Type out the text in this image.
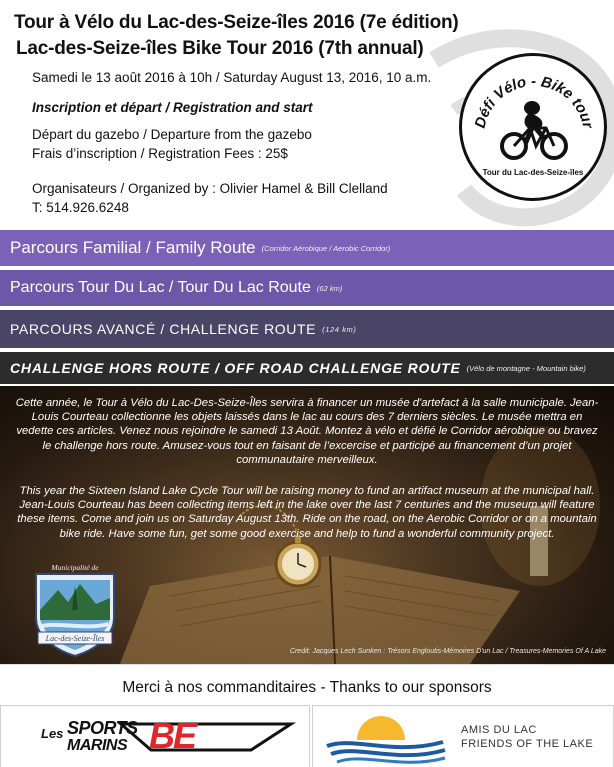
Tour à Vélo du Lac-des-Seize-îles 2016 (7e édition)
Lac-des-Seize-îles Bike Tour 2016 (7th annual)
Samedi le 13 août 2016 à 10h / Saturday August 13, 2016, 10 a.m.
Inscription et départ / Registration and start
Départ du gazebo / Departure from the gazebo
Frais d’inscription / Registration Fees : 25$
Organisateurs / Organized by : Olivier Hamel & Bill Clelland
T: 514.926.6248
Défi Vélo - Bike tour
Tour du Lac-des-Seize-îles
Parcours Familial / Family Route (Corridor Aérobique / Aerobic Corridor)
Parcours Tour Du Lac / Tour Du Lac Route (62 km)
PARCOURS AVANCÉ / CHALLENGE ROUTE (124 km)
CHALLENGE HORS ROUTE / OFF ROAD CHALLENGE ROUTE (Vélo de montagne - Mountain bike)
Cette année, le Tour à Vélo du Lac-Des-Seize-Îles servira à financer un musée d'artefact à la salle municipale. Jean-Louis Courteau collectionne les objets laissés dans le lac au cours des 7 derniers siècles. Le musée mettra en vedette ces articles. Venez nous rejoindre le samedi 13 Août. Montez à vélo et défié le Corridor aérobique ou bravez le challenge hors route. Amusez-vous tout en faisant de l’excercise et participé au financement d’un projet communautaire merveilleux.
This year the Sixteen Island Lake Cycle Tour will be raising money to fund an artifact museum at the municipal hall. Jean-Louis Courteau has been collecting items left in the lake over the last 7 centuries and the museum will feature these items. Come and join us on Saturday August 13th. Ride on the road, on the Aerobic Corridor or on a mountain bike ride. Have some fun, get some good exercise and help to fund a wonderful community project.
Municipalité de
Lac-des-Seize-Îles
Credit: Jacques Lech Sunken : Trésors Engloutis-Mémoires D'un Lac / Treasures-Memories Of A Lake
Merci à nos commanditaires - Thanks to our sponsors
Les SPORTS
MARINS BE	AMIS DU LAC
FRIENDS OF THE LAKE
